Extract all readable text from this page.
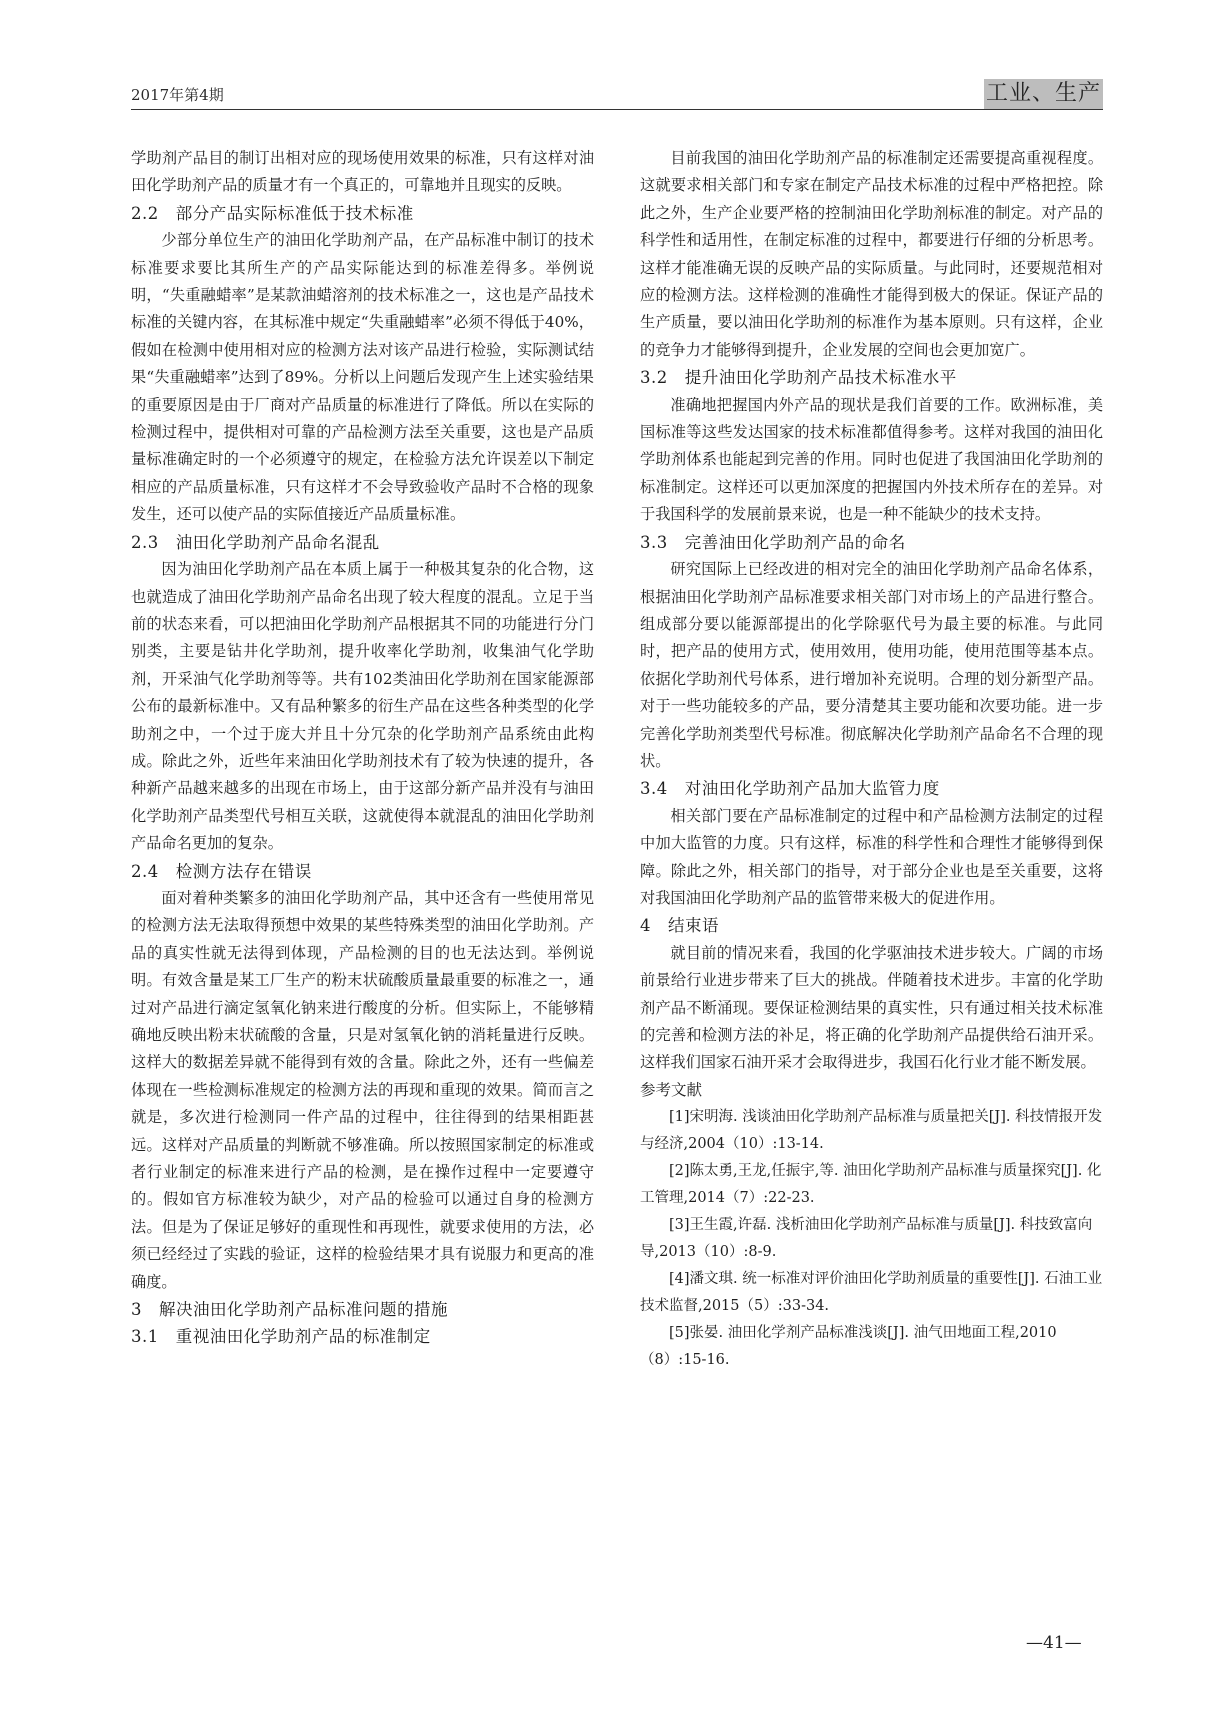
2017年第4期	工业、生产

学助剂产品目的制订出相对应的现场使用效果的标准，只有这样对油田化学助剂产品的质量才有一个真正的，可靠地并且现实的反映。

2.2　部分产品实际标准低于技术标准

少部分单位生产的油田化学助剂产品，在产品标准中制订的技术标准要求要比其所生产的产品实际能达到的标准差得多。举例说明，“失重融蜡率”是某款油蜡溶剂的技术标准之一，这也是产品技术标准的关键内容，在其标准中规定“失重融蜡率”必须不得低于40%，假如在检测中使用相对应的检测方法对该产品进行检验，实际测试结果“失重融蜡率”达到了89%。分析以上问题后发现产生上述实验结果的重要原因是由于厂商对产品质量的标准进行了降低。所以在实际的检测过程中，提供相对可靠的产品检测方法至关重要，这也是产品质量标准确定时的一个必须遵守的规定，在检验方法允许误差以下制定相应的产品质量标准，只有这样才不会导致验收产品时不合格的现象发生，还可以使产品的实际值接近产品质量标准。

2.3　油田化学助剂产品命名混乱

因为油田化学助剂产品在本质上属于一种极其复杂的化合物，这也就造成了油田化学助剂产品命名出现了较大程度的混乱。立足于当前的状态来看，可以把油田化学助剂产品根据其不同的功能进行分门别类，主要是钻井化学助剂，提升收率化学助剂，收集油气化学助剂，开采油气化学助剂等等。共有102类油田化学助剂在国家能源部公布的最新标准中。又有品种繁多的衍生产品在这些各种类型的化学助剂之中，一个过于庞大并且十分冗杂的化学助剂产品系统由此构成。除此之外，近些年来油田化学助剂技术有了较为快速的提升，各种新产品越来越多的出现在市场上，由于这部分新产品并没有与油田化学助剂产品类型代号相互关联，这就使得本就混乱的油田化学助剂产品命名更加的复杂。

2.4　检测方法存在错误

面对着种类繁多的油田化学助剂产品，其中还含有一些使用常见的检测方法无法取得预想中效果的某些特殊类型的油田化学助剂。产品的真实性就无法得到体现，产品检测的目的也无法达到。举例说明。有效含量是某工厂生产的粉末状硫酸质量最重要的标准之一，通过对产品进行滴定氢氧化钠来进行酸度的分析。但实际上，不能够精确地反映出粉末状硫酸的含量，只是对氢氧化钠的消耗量进行反映。这样大的数据差异就不能得到有效的含量。除此之外，还有一些偏差体现在一些检测标准规定的检测方法的再现和重现的效果。简而言之就是，多次进行检测同一件产品的过程中，往往得到的结果相距甚远。这样对产品质量的判断就不够准确。所以按照国家制定的标准或者行业制定的标准来进行产品的检测，是在操作过程中一定要遵守的。假如官方标准较为缺少，对产品的检验可以通过自身的检测方法。但是为了保证足够好的重现性和再现性，就要求使用的方法，必须已经经过了实践的验证，这样的检验结果才具有说服力和更高的准确度。

3　解决油田化学助剂产品标准问题的措施
3.1　重视油田化学助剂产品的标准制定

目前我国的油田化学助剂产品的标准制定还需要提高重视程度。这就要求相关部门和专家在制定产品技术标准的过程中严格把控。除此之外，生产企业要严格的控制油田化学助剂标准的制定。对产品的科学性和适用性，在制定标准的过程中，都要进行仔细的分析思考。这样才能准确无误的反映产品的实际质量。与此同时，还要规范相对应的检测方法。这样检测的准确性才能得到极大的保证。保证产品的生产质量，要以油田化学助剂的标准作为基本原则。只有这样，企业的竞争力才能够得到提升，企业发展的空间也会更加宽广。

3.2　提升油田化学助剂产品技术标准水平

准确地把握国内外产品的现状是我们首要的工作。欧洲标准，美国标准等这些发达国家的技术标准都值得参考。这样对我国的油田化学助剂体系也能起到完善的作用。同时也促进了我国油田化学助剂的标准制定。这样还可以更加深度的把握国内外技术所存在的差异。对于我国科学的发展前景来说，也是一种不能缺少的技术支持。

3.3　完善油田化学助剂产品的命名

研究国际上已经改进的相对完全的油田化学助剂产品命名体系，根据油田化学助剂产品标准要求相关部门对市场上的产品进行整合。组成部分要以能源部提出的化学除驱代号为最主要的标准。与此同时，把产品的使用方式，使用效用，使用功能，使用范围等基本点。依据化学助剂代号体系，进行增加补充说明。合理的划分新型产品。对于一些功能较多的产品，要分清楚其主要功能和次要功能。进一步完善化学助剂类型代号标准。彻底解决化学助剂产品命名不合理的现状。

3.4　对油田化学助剂产品加大监管力度

相关部门要在产品标准制定的过程中和产品检测方法制定的过程中加大监管的力度。只有这样，标准的科学性和合理性才能够得到保障。除此之外，相关部门的指导，对于部分企业也是至关重要，这将对我国油田化学助剂产品的监管带来极大的促进作用。

4　结束语

就目前的情况来看，我国的化学驱油技术进步较大。广阔的市场前景给行业进步带来了巨大的挑战。伴随着技术进步。丰富的化学助剂产品不断涌现。要保证检测结果的真实性，只有通过相关技术标准的完善和检测方法的补足，将正确的化学助剂产品提供给石油开采。这样我们国家石油开采才会取得进步，我国石化行业才能不断发展。

参考文献

[1]宋明海. 浅谈油田化学助剂产品标准与质量把关[J]. 科技情报开发与经济,2004（10）:13-14.

[2]陈太勇,王龙,任振宇,等. 油田化学助剂产品标准与质量探究[J]. 化工管理,2014（7）:22-23.

[3]王生霞,许磊. 浅析油田化学助剂产品标准与质量[J]. 科技致富向导,2013（10）:8-9.

[4]潘文琪. 统一标准对评价油田化学助剂质量的重要性[J]. 石油工业技术监督,2015（5）:33-34.

[5]张晏. 油田化学剂产品标准浅谈[J]. 油气田地面工程,2010（8）:15-16.

—41—
